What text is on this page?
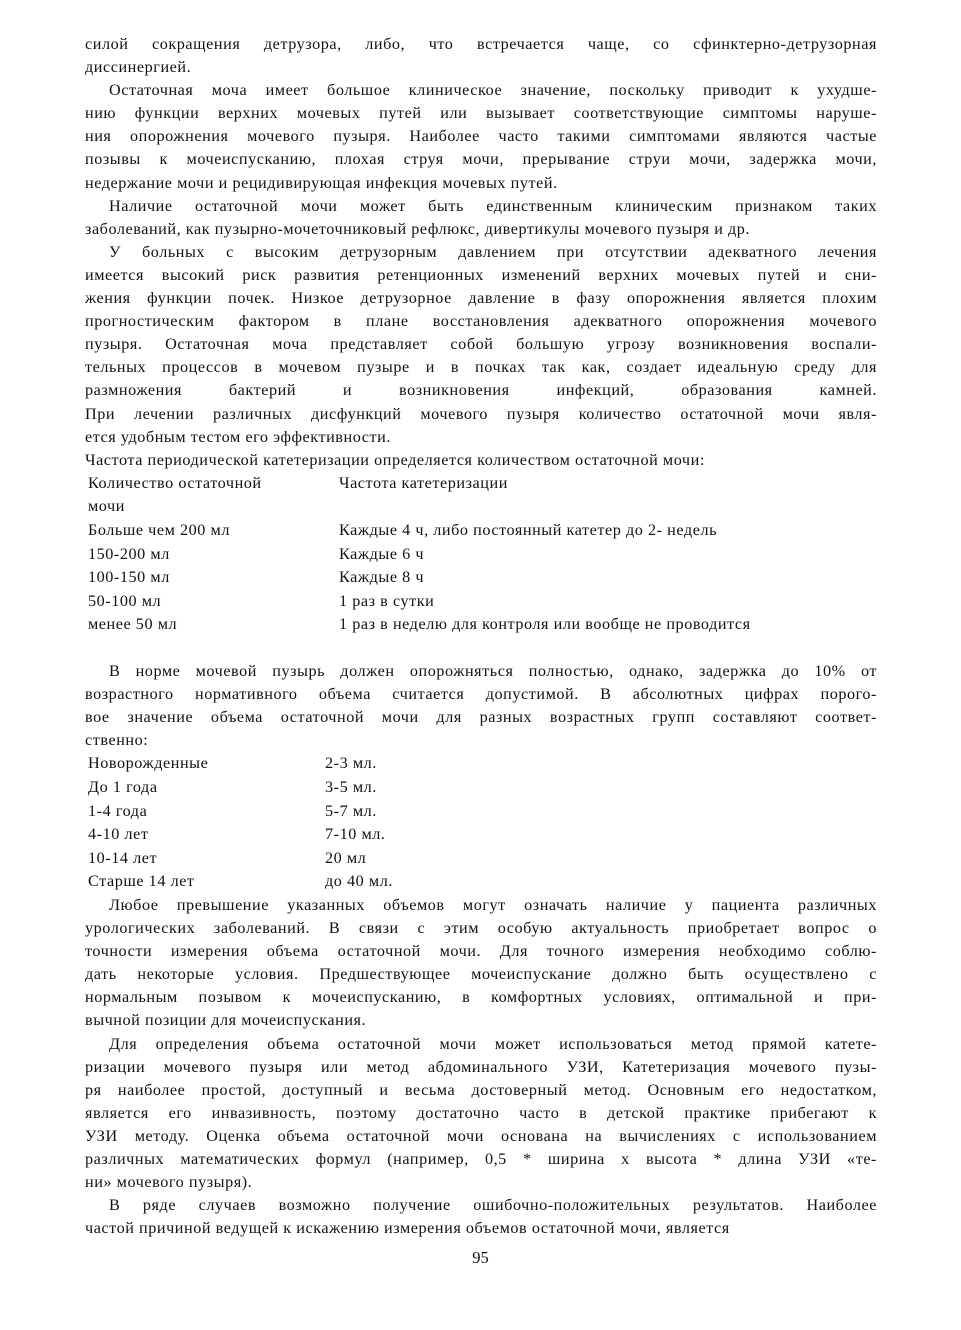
силой сокращения детрузора, либо, что встречается чаще, со сфинктерно-детрузорная
диссинергией.
Остаточная моча имеет большое клиническое значение, поскольку приводит к ухудше-
нию функции верхних мочевых путей или вызывает соответствующие симптомы наруше-
ния опорожнения мочевого пузыря. Наиболее часто такими симптомами являются частые
позывы к мочеиспусканию, плохая струя мочи, прерывание струи мочи, задержка мочи,
недержание мочи и рецидивирующая инфекция мочевых путей.
Наличие остаточной мочи может быть единственным клиническим признаком таких
заболеваний, как пузырно-мочеточниковый рефлюкс, дивертикулы мочевого пузыря и др.
У больных с высоким детрузорным давлением при отсутствии адекватного лечения
имеется высокий риск развития ретенционных изменений верхних мочевых путей и сни-
жения функции почек. Низкое детрузорное давление в фазу опорожнения является плохим
прогностическим фактором в плане восстановления адекватного опорожнения мочевого
пузыря. Остаточная моча представляет собой большую угрозу возникновения воспали-
тельных процессов в мочевом пузыре и в почках так как, создает идеальную среду для
размножения бактерий и возникновения инфекций, образования камней.
При лечении различных дисфункций мочевого пузыря количество остаточной мочи явля-
ется удобным тестом его эффективности.
Частота периодической катетеризации определяется количеством остаточной мочи:
Количество остаточной	Частота катетеризации
мочи
Больше чем 200 мл	Каждые 4 ч, либо постоянный катетер до 2- недель
150-200 мл	Каждые 6 ч
100-150 мл	Каждые 8 ч
50-100 мл	1 раз в сутки
менее 50 мл	1 раз в неделю для контроля или вообще не проводится
В норме мочевой пузырь должен опорожняться полностью, однако, задержка до 10% от
возрастного нормативного объема считается допустимой. В абсолютных цифрах порого-
вое значение объема остаточной мочи для разных возрастных групп составляют соответ-
ственно:
Новорожденные	2-3 мл.
До 1 года	3-5 мл.
1-4 года	5-7 мл.
4-10 лет	7-10 мл.
10-14 лет	20 мл
Старше 14 лет	до 40 мл.
Любое превышение указанных объемов могут означать наличие у пациента различных
урологических заболеваний. В связи с этим особую актуальность приобретает вопрос о
точности измерения объема остаточной мочи. Для точного измерения необходимо соблю-
дать некоторые условия. Предшествующее мочеиспускание должно быть осуществлено с
нормальным позывом к мочеиспусканию, в комфортных условиях, оптимальной и при-
вычной позиции для мочеиспускания.
Для определения объема остаточной мочи может использоваться метод прямой катете-
ризации мочевого пузыря или метод абдоминального УЗИ, Катетеризация мочевого пузы-
ря наиболее простой, доступный и весьма достоверный метод. Основным его недостатком,
является его инвазивность, поэтому достаточно часто в детской практике прибегают к
УЗИ методу. Оценка объема остаточной мочи основана на вычислениях с использованием
различных математических формул (например, 0,5 * ширина х высота * длина УЗИ «те-
ни» мочевого пузыря).
В ряде случаев возможно получение ошибочно-положительных результатов. Наиболее
частой причиной ведущей к искажению измерения объемов остаточной мочи, является
95
